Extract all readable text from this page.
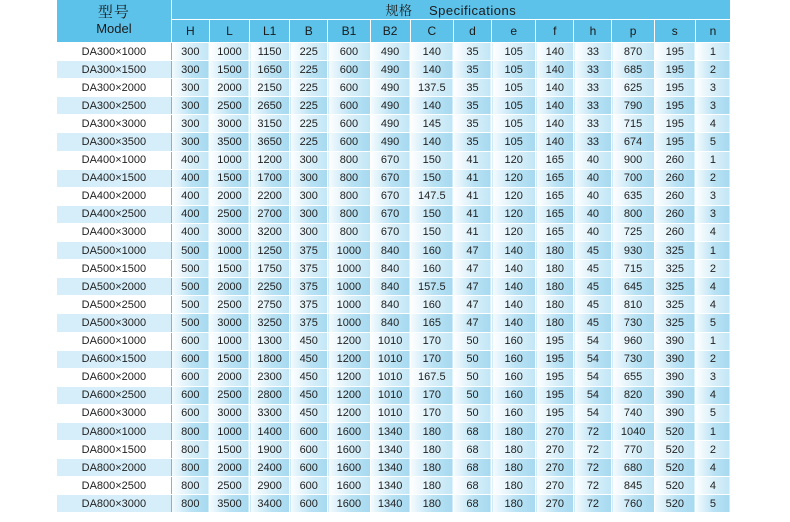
型号
Model	规格 Specifications													
	H	L	L1	B	B1	B2	C	d	e	f	h	p	s	n
DA300×1000	300	1000	1150	225	600	490	140	35	105	140	33	870	195	1
DA300×1500	300	1500	1650	225	600	490	140	35	105	140	33	685	195	2
DA300×2000	300	2000	2150	225	600	490	137.5	35	105	140	33	625	195	3
DA300×2500	300	2500	2650	225	600	490	140	35	105	140	33	790	195	3
DA300×3000	300	3000	3150	225	600	490	145	35	105	140	33	715	195	4
DA300×3500	300	3500	3650	225	600	490	140	35	105	140	33	674	195	5
DA400×1000	400	1000	1200	300	800	670	150	41	120	165	40	900	260	1
DA400×1500	400	1500	1700	300	800	670	150	41	120	165	40	700	260	2
DA400×2000	400	2000	2200	300	800	670	147.5	41	120	165	40	635	260	3
DA400×2500	400	2500	2700	300	800	670	150	41	120	165	40	800	260	3
DA400×3000	400	3000	3200	300	800	670	150	41	120	165	40	725	260	4
DA500×1000	500	1000	1250	375	1000	840	160	47	140	180	45	930	325	1
DA500×1500	500	1500	1750	375	1000	840	160	47	140	180	45	715	325	2
DA500×2000	500	2000	2250	375	1000	840	157.5	47	140	180	45	645	325	4
DA500×2500	500	2500	2750	375	1000	840	160	47	140	180	45	810	325	4
DA500×3000	500	3000	3250	375	1000	840	165	47	140	180	45	730	325	5
DA600×1000	600	1000	1300	450	1200	1010	170	50	160	195	54	960	390	1
DA600×1500	600	1500	1800	450	1200	1010	170	50	160	195	54	730	390	2
DA600×2000	600	2000	2300	450	1200	1010	167.5	50	160	195	54	655	390	3
DA600×2500	600	2500	2800	450	1200	1010	170	50	160	195	54	820	390	4
DA600×3000	600	3000	3300	450	1200	1010	170	50	160	195	54	740	390	5
DA800×1000	800	1000	1400	600	1600	1340	180	68	180	270	72	1040	520	1
DA800×1500	800	1500	1900	600	1600	1340	180	68	180	270	72	770	520	2
DA800×2000	800	2000	2400	600	1600	1340	180	68	180	270	72	680	520	4
DA800×2500	800	2500	2900	600	1600	1340	180	68	180	270	72	845	520	4
DA800×3000	800	3500	3400	600	1600	1340	180	68	180	270	72	760	520	5
